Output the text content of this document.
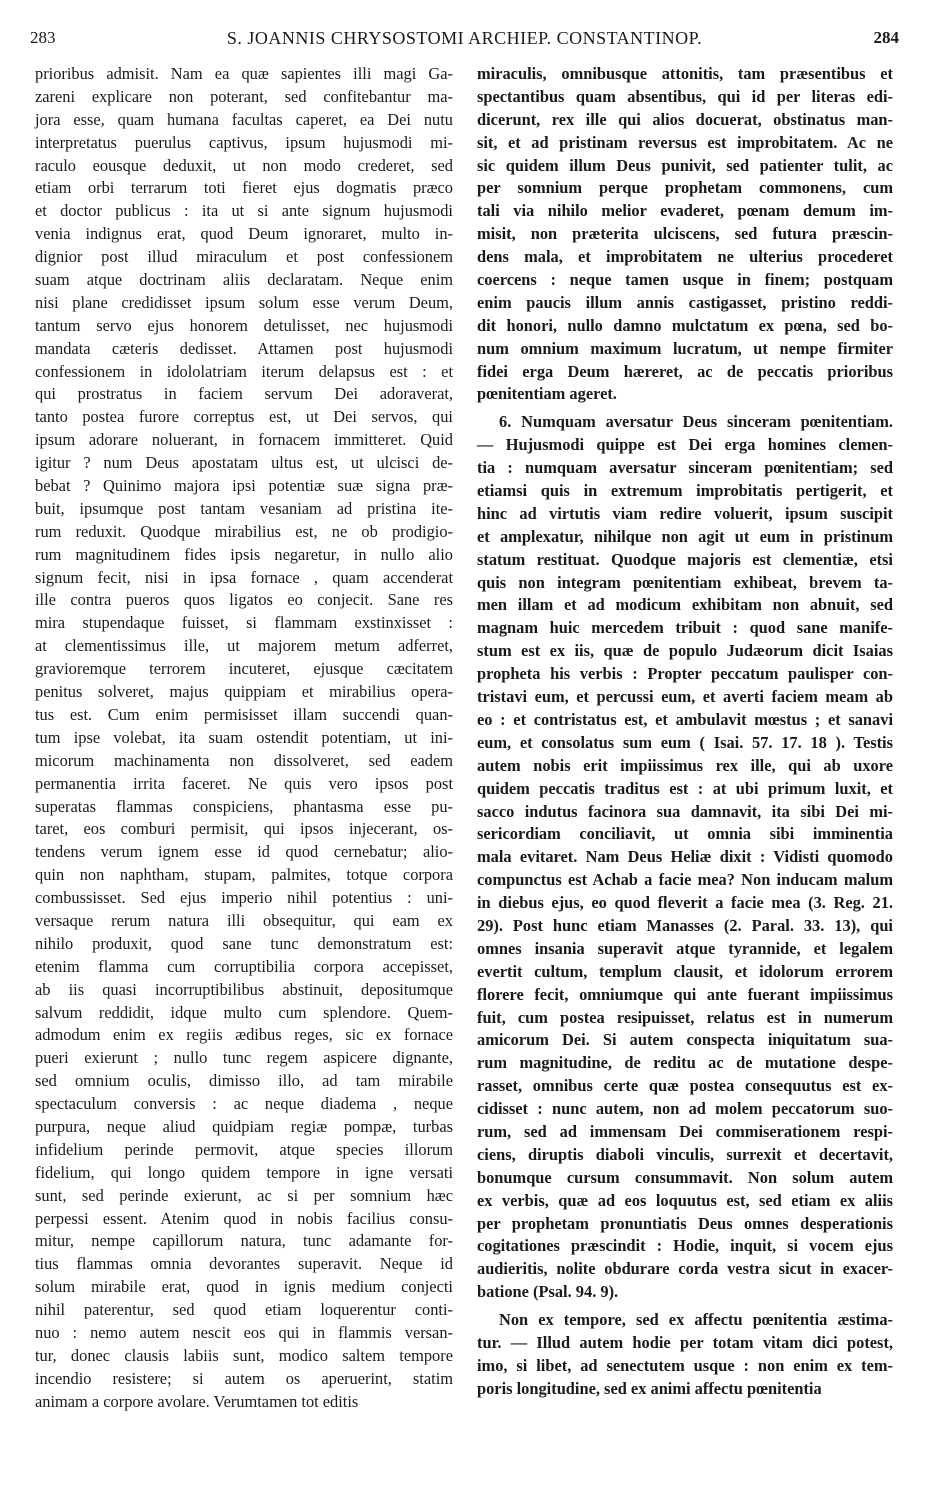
283	S. JOANNIS CHRYSOSTOMI ARCHIEP. CONSTANTINOP.	284
prioribus admisit. Nam ea quæ sapientes illi magi Ga-
zareni explicare non poterant, sed confitebantur ma-
jora esse, quam humana facultas caperet, ea Dei nutu
interpretatus puerulus captivus, ipsum hujusmodi mi-
raculo eousque deduxit, ut non modo crederet, sed
etiam orbi terrarum toti fieret ejus dogmatis præco
et doctor publicus : ita ut si ante signum hujusmodi
venia indignus erat, quod Deum ignoraret, multo in-
dignior post illud miraculum et post confessionem
suam atque doctrinam aliis declaratam. Neque enim
nisi plane credidisset ipsum solum esse verum Deum,
tantum servo ejus honorem detulisset, nec hujusmodi
mandata cæteris dedisset. Attamen post hujusmodi
confessionem in idololatriam iterum delapsus est : et
qui prostratus in faciem servum Dei adoraverat,
tanto postea furore correptus est, ut Dei servos, qui
ipsum adorare noluerant, in fornacem immitteret. Quid
igitur ? num Deus apostatam ultus est, ut ulcisci de-
bebat ? Quinimo majora ipsi potentiæ suæ signa præ-
buit, ipsumque post tantam vesaniam ad pristina ite-
rum reduxit. Quodque mirabilius est, ne ob prodigio-
rum magnitudinem fides ipsis negaretur, in nullo alio
signum fecit, nisi in ipsa fornace , quam accenderat
ille contra pueros quos ligatos eo conjecit. Sane res
mira stupendaque fuisset, si flammam exstinxisset :
at clementissimus ille, ut majorem metum adferret,
gravioremque terrorem incuteret, ejusque cæcitatem
penitus solveret, majus quippiam et mirabilius opera-
tus est. Cum enim permisisset illam succendi quan-
tum ipse volebat, ita suam ostendit potentiam, ut ini-
micorum machinamenta non dissolveret, sed eadem
permanentia irrita faceret. Ne quis vero ipsos post
superatas flammas conspiciens, phantasma esse pu-
taret, eos comburi permisit, qui ipsos injecerant, os-
tendens verum ignem esse id quod cernebatur; alio-
quin non naphtham, stupam, palmites, totque corpora
combussisset. Sed ejus imperio nihil potentius : uni-
versaque rerum natura illi obsequitur, qui eam ex
nihilo produxit, quod sane tunc demonstratum est:
etenim flamma cum corruptibilia corpora accepisset,
ab iis quasi incorruptibilibus abstinuit, depositumque
salvum reddidit, idque multo cum splendore. Quem-
admodum enim ex regiis ædibus reges, sic ex fornace
pueri exierunt ; nullo tunc regem aspicere dignante,
sed omnium oculis, dimisso illo, ad tam mirabile
spectaculum conversis : ac neque diadema , neque
purpura, neque aliud quidpiam regiæ pompæ, turbas
infidelium perinde permovit, atque species illorum
fidelium, qui longo quidem tempore in igne versati
sunt, sed perinde exierunt, ac si per somnium hæc
perpessi essent. Atenim quod in nobis facilius consu-
mitur, nempe capillorum natura, tunc adamante for-
tius flammas omnia devorantes superavit. Neque id
solum mirabile erat, quod in ignis medium conjecti
nihil paterentur, sed quod etiam loquerentur conti-
nuo : nemo autem nescit eos qui in flammis versan-
tur, donec clausis labiis sunt, modico saltem tempore
incendio resistere; si autem os aperuerint, statim
animam a corpore avolare. Verumtamen tot editis
miraculis, omnibusque attonitis, tam præsentibus et
spectantibus quam absentibus, qui id per literas edi-
dicerunt, rex ille qui alios docuerat, obstinatus man-
sit, et ad pristinam reversus est improbitatem. Ac ne
sic quidem illum Deus punivit, sed patienter tulit, ac
per somnium perque prophetam commonens, cum
tali via nihilo melior evaderet, pœnam demum im-
misit, non præterita ulciscens, sed futura præscin-
dens mala, et improbitatem ne ulterius procederet
coercens : neque tamen usque in finem; postquam
enim paucis illum annis castigasset, pristino reddi-
dit honori, nullo damno mulctatum ex pœna, sed bo-
num omnium maximum lucratum, ut nempe firmiter
fidei erga Deum hæreret, ac de peccatis prioribus
pœnitentiam ageret.
6. Numquam aversatur Deus sinceram pœnitentiam.
— Hujusmodi quippe est Dei erga homines clemen-
tia : numquam aversatur sinceram pœnitentiam; sed
etiamsi quis in extremum improbitatis pertigerit, et
hinc ad virtutis viam redire voluerit, ipsum suscipit
et amplexatur, nihilque non agit ut eum in pristinum
statum restituat. Quodque majoris est clementiæ, etsi
quis non integram pœnitentiam exhibeat, brevem ta-
men illam et ad modicum exhibitam non abnuit, sed
magnam huic mercedem tribuit : quod sane manife-
stum est ex iis, quæ de populo Judæorum dicit Isaias
propheta his verbis : Propter peccatum paulisper con-
tristavi eum, et percussi eum, et averti faciem meam ab
eo : et contristatus est, et ambulavit mœstus ; et sanavi
eum, et consolatus sum eum ( Isai. 57. 17. 18 ). Testis
autem nobis erit impiissimus rex ille, qui ab uxore
quidem peccatis traditus est : at ubi primum luxit, et
sacco indutus facinora sua damnavit, ita sibi Dei mi-
sericordiam conciliavit, ut omnia sibi imminentia
mala evitaret. Nam Deus Heliæ dixit : Vidisti quomodo
compunctus est Achab a facie mea? Non inducam malum
in diebus ejus, eo quod fleverit a facie mea (3. Reg. 21.
29). Post hunc etiam Manasses (2. Paral. 33. 13), qui
omnes insania superavit atque tyrannide, et legalem
evertit cultum, templum clausit, et idolorum errorem
florere fecit, omniumque qui ante fuerant impiissimus
fuit, cum postea resipuisset, relatus est in numerum
amicorum Dei. Si autem conspecta iniquitatum sua-
rum magnitudine, de reditu ac de mutatione despe-
rasset, omnibus certe quæ postea consequutus est ex-
cidisset : nunc autem, non ad molem peccatorum suo-
rum, sed ad immensam Dei commiserationem respi-
ciens, diruptis diaboli vinculis, surrexit et decertavit,
bonumque cursum consummavit. Non solum autem
ex verbis, quæ ad eos loquutus est, sed etiam ex aliis
per prophetam pronuntiatis Deus omnes desperationis
cogitationes præscindit : Hodie, inquit, si vocem ejus
audieritis, nolite obdurare corda vestra sicut in exacer-
batione (Psal. 94. 9).
Non ex tempore, sed ex affectu pœnitentia æstima-
tur. — Illud autem hodie per totam vitam dici potest,
imo, si libet, ad senectutem usque : non enim ex tem-
poris longitudine, sed ex animi affectu pœnitentia
